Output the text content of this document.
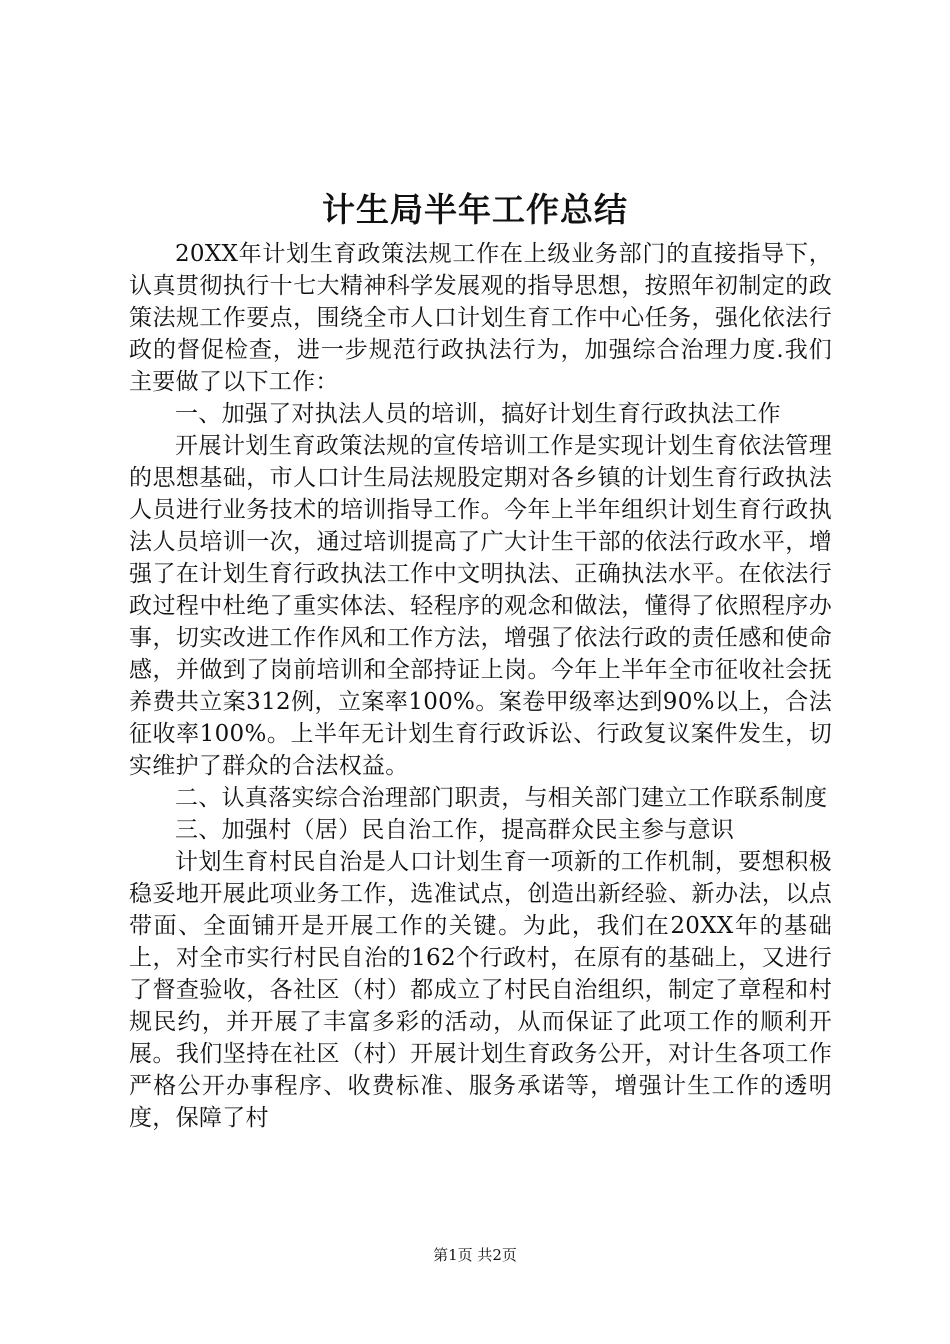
计生局半年工作总结

20XX年计划生育政策法规工作在上级业务部门的直接指导下，认真贯彻执行十七大精神科学发展观的指导思想，按照年初制定的政策法规工作要点，围绕全市人口计划生育工作中心任务，强化依法行政的督促检查，进一步规范行政执法行为，加强综合治理力度.我们主要做了以下工作：

一、加强了对执法人员的培训，搞好计划生育行政执法工作

开展计划生育政策法规的宣传培训工作是实现计划生育依法管理的思想基础，市人口计生局法规股定期对各乡镇的计划生育行政执法人员进行业务技术的培训指导工作。今年上半年组织计划生育行政执法人员培训一次，通过培训提高了广大计生干部的依法行政水平，增强了在计划生育行政执法工作中文明执法、正确执法水平。在依法行政过程中杜绝了重实体法、轻程序的观念和做法，懂得了依照程序办事，切实改进工作作风和工作方法，增强了依法行政的责任感和使命感，并做到了岗前培训和全部持证上岗。今年上半年全市征收社会抚养费共立案312例，立案率100%。案卷甲级率达到90%以上，合法征收率100%。上半年无计划生育行政诉讼、行政复议案件发生，切实维护了群众的合法权益。

二、认真落实综合治理部门职责，与相关部门建立工作联系制度

三、加强村（居）民自治工作，提高群众民主参与意识

计划生育村民自治是人口计划生育一项新的工作机制，要想积极稳妥地开展此项业务工作，选准试点，创造出新经验、新办法，以点带面、全面铺开是开展工作的关键。为此，我们在20XX年的基础上，对全市实行村民自治的162个行政村，在原有的基础上，又进行了督查验收，各社区（村）都成立了村民自治组织，制定了章程和村规民约，并开展了丰富多彩的活动，从而保证了此项工作的顺利开展。我们坚持在社区（村）开展计划生育政务公开，对计生各项工作严格公开办事程序、收费标准、服务承诺等，增强计生工作的透明度，保障了村

第1页 共2页
